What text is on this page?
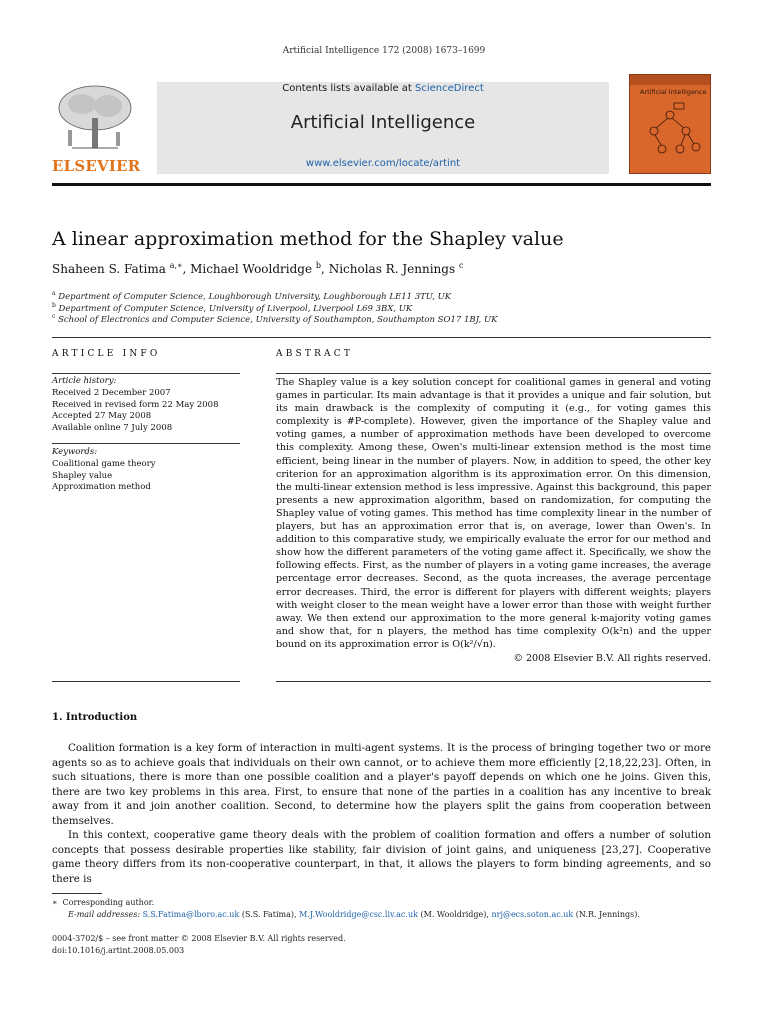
Artificial Intelligence 172 (2008) 1673–1699
ELSEVIER
Contents lists available at ScienceDirect
Artificial Intelligence
www.elsevier.com/locate/artint
Artificial Intelligence
A linear approximation method for the Shapley value
Shaheen S. Fatima $^{a,∗}$, Michael Wooldridge $^b$, Nicholas R. Jennings $^c$
$^a$ Department of Computer Science, Loughborough University, Loughborough LE11 3TU, UK
$^b$ Department of Computer Science, University of Liverpool, Liverpool L69 3BX, UK
$^c$ School of Electronics and Computer Science, University of Southampton, Southampton SO17 1BJ, UK
ARTICLE INFO
Article history:
Received 2 December 2007
Received in revised form 22 May 2008
Accepted 27 May 2008
Available online 7 July 2008
Keywords:
Coalitional game theory
Shapley value
Approximation method
ABSTRACT

The Shapley value is a key solution concept for coalitional games in general and voting games in particular. Its main advantage is that it provides a unique and fair solution, but its main drawback is the complexity of computing it (e.g., for voting games this complexity is #P-complete). However, given the importance of the Shapley value and voting games, a number of approximation methods have been developed to overcome this complexity. Among these, Owen's multi-linear extension method is the most time efficient, being linear in the number of players. Now, in addition to speed, the other key criterion for an approximation algorithm is its approximation error. On this dimension, the multi-linear extension method is less impressive. Against this background, this paper presents a new approximation algorithm, based on randomization, for computing the Shapley value of voting games. This method has time complexity linear in the number of players, but has an approximation error that is, on average, lower than Owen's. In addition to this comparative study, we empirically evaluate the error for our method and show how the different parameters of the voting game affect it. Specifically, we show the following effects. First, as the number of players in a voting game increases, the average percentage error decreases. Second, as the quota increases, the average percentage error decreases. Third, the error is different for players with different weights; players with weight closer to the mean weight have a lower error than those with weight further away. We then extend our approximation to the more general k-majority voting games and show that, for n players, the method has time complexity O(k²n) and the upper bound on its approximation error is O(k²/√n).

© 2008 Elsevier B.V. All rights reserved.
1. Introduction

Coalition formation is a key form of interaction in multi-agent systems. It is the process of bringing together two or more agents so as to achieve goals that individuals on their own cannot, or to achieve them more efficiently [2,18,22,23]. Often, in such situations, there is more than one possible coalition and a player's payoff depends on which one he joins. Given this, there are two key problems in this area. First, to ensure that none of the parties in a coalition has any incentive to break away from it and join another coalition. Second, to determine how the players split the gains from cooperation between themselves.

In this context, cooperative game theory deals with the problem of coalition formation and offers a number of solution concepts that possess desirable properties like stability, fair division of joint gains, and uniqueness [23,27]. Cooperative game theory differs from its non-cooperative counterpart, in that, it allows the players to form binding agreements, and so there is

∗ Corresponding author.
E-mail addresses: S.S.Fatima@lboro.ac.uk (S.S. Fatima), M.J.Wooldridge@csc.liv.ac.uk (M. Wooldridge), nrj@ecs.soton.ac.uk (N.R. Jennings).
0004-3702/$ – see front matter © 2008 Elsevier B.V. All rights reserved.
doi:10.1016/j.artint.2008.05.003
